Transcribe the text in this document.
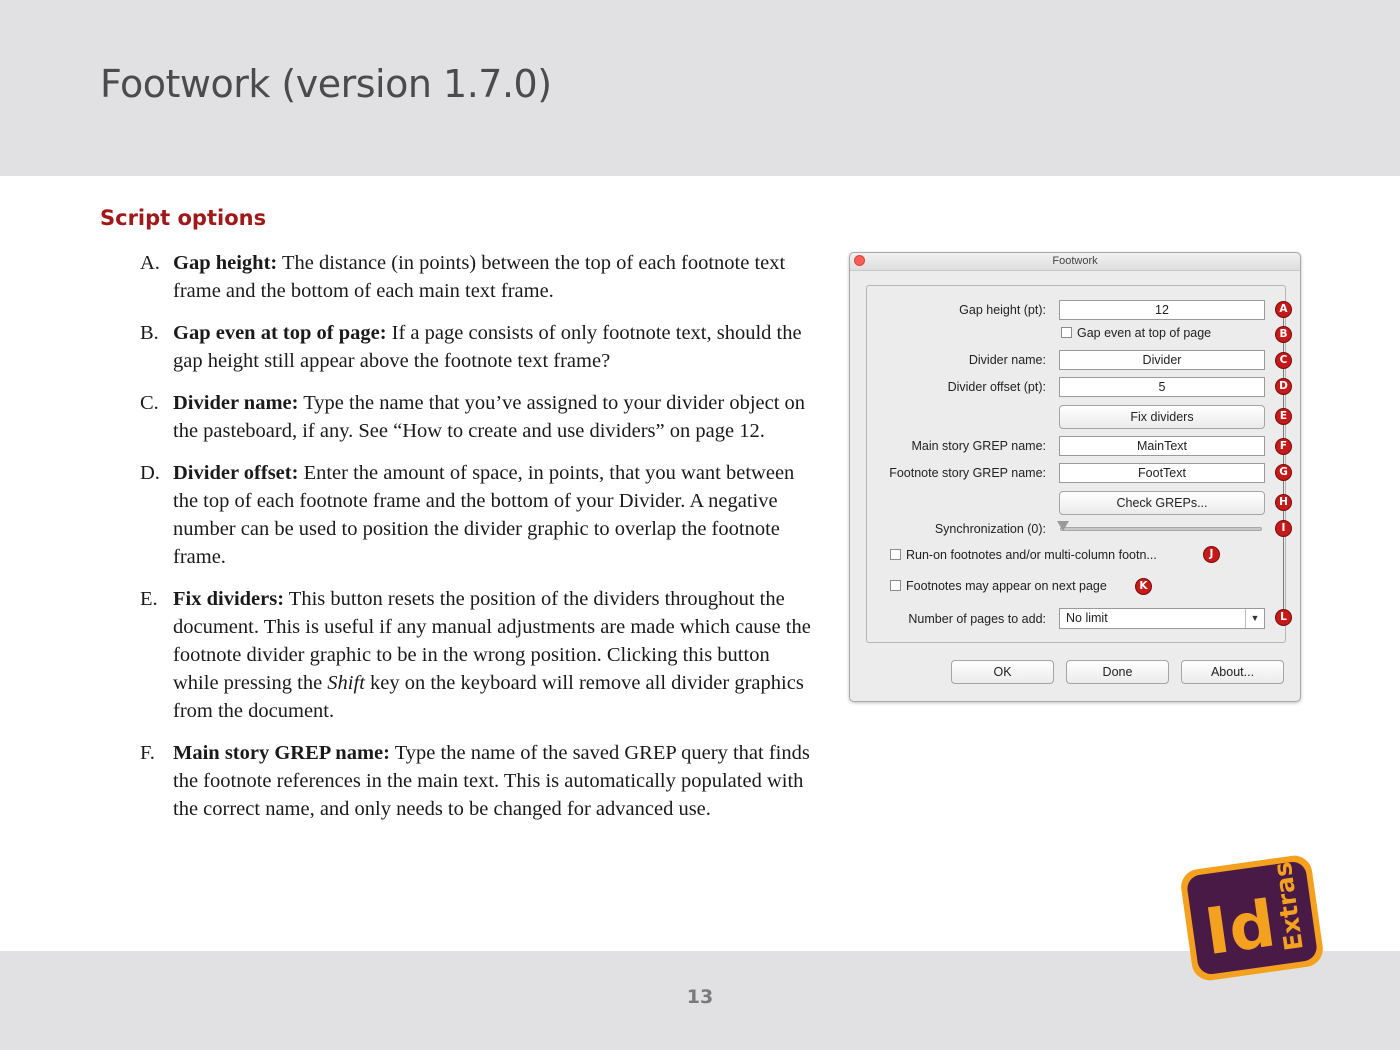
Footwork (version 1.7.0)
Script options
A. Gap height: The distance (in points) between the top of each footnote text frame and the bottom of each main text frame.
B. Gap even at top of page: If a page consists of only footnote text, should the gap height still appear above the footnote text frame?
C. Divider name: Type the name that you’ve assigned to your divider object on the pasteboard, if any. See “How to create and use dividers” on page 12.
D. Divider offset: Enter the amount of space, in points, that you want between the top of each footnote frame and the bottom of your Divider. A negative number can be used to position the divider graphic to overlap the footnote frame.
E. Fix dividers: This button resets the position of the dividers throughout the document. This is useful if any manual adjustments are made which cause the footnote divider graphic to be in the wrong position. Clicking this button while pressing the Shift key on the keyboard will remove all divider graphics from the document.
F. Main story GREP name: Type the name of the saved GREP query that finds the footnote references in the main text. This is automatically populated with the correct name, and only needs to be changed for advanced use.
Footwork
Gap height (pt):	12
Gap even at top of page
Divider name:	Divider
Divider offset (pt):	5
Fix dividers
Main story GREP name:	MainText
Footnote story GREP name:	FootText
Check GREPs...
Synchronization (0):
Run-on footnotes and/or multi-column footn...
Footnotes may appear on next page
Number of pages to add:	No limit	▼
OK	Done	About...
A
B
C
D
E
F
G
H
I
J
K
L
13
Id
Extras
